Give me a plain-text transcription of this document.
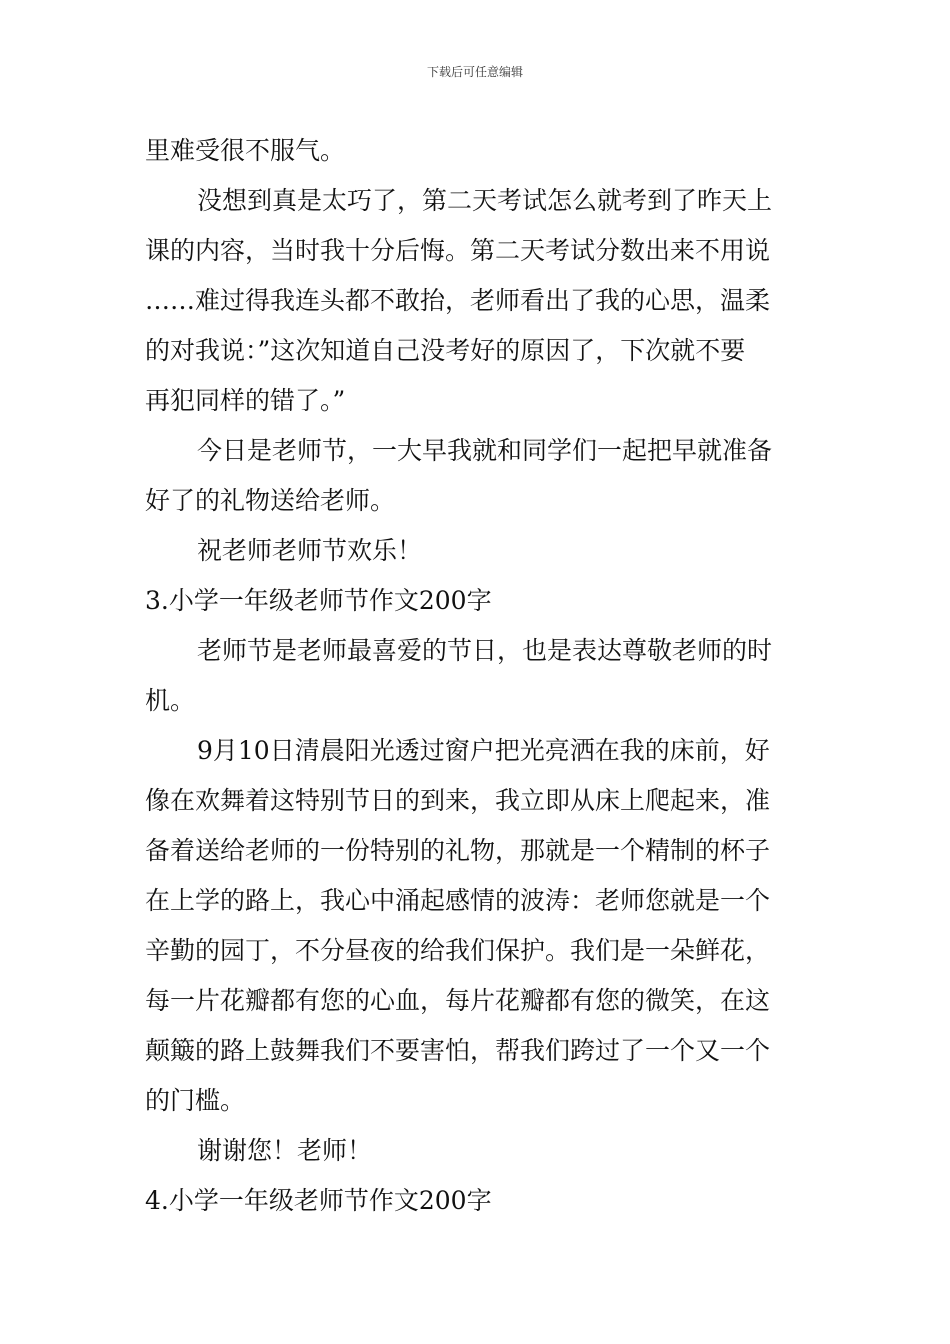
下载后可任意编辑
里难受很不服气。
没想到真是太巧了，第二天考试怎么就考到了昨天上
课的内容，当时我十分后悔。第二天考试分数出来不用说
……难过得我连头都不敢抬，老师看出了我的心思，温柔
的对我说：”这次知道自己没考好的原因了，下次就不要
再犯同样的错了。”
今日是老师节，一大早我就和同学们一起把早就准备
好了的礼物送给老师。
祝老师老师节欢乐！
3.小学一年级老师节作文200字
老师节是老师最喜爱的节日，也是表达尊敬老师的时
机。
9月10日清晨阳光透过窗户把光亮洒在我的床前，好
像在欢舞着这特别节日的到来，我立即从床上爬起来，准
备着送给老师的一份特别的礼物，那就是一个精制的杯子
在上学的路上，我心中涌起感情的波涛：老师您就是一个
辛勤的园丁，不分昼夜的给我们保护。我们是一朵鲜花，
每一片花瓣都有您的心血，每片花瓣都有您的微笑，在这
颠簸的路上鼓舞我们不要害怕，帮我们跨过了一个又一个
的门槛。
谢谢您！老师！
4.小学一年级老师节作文200字
